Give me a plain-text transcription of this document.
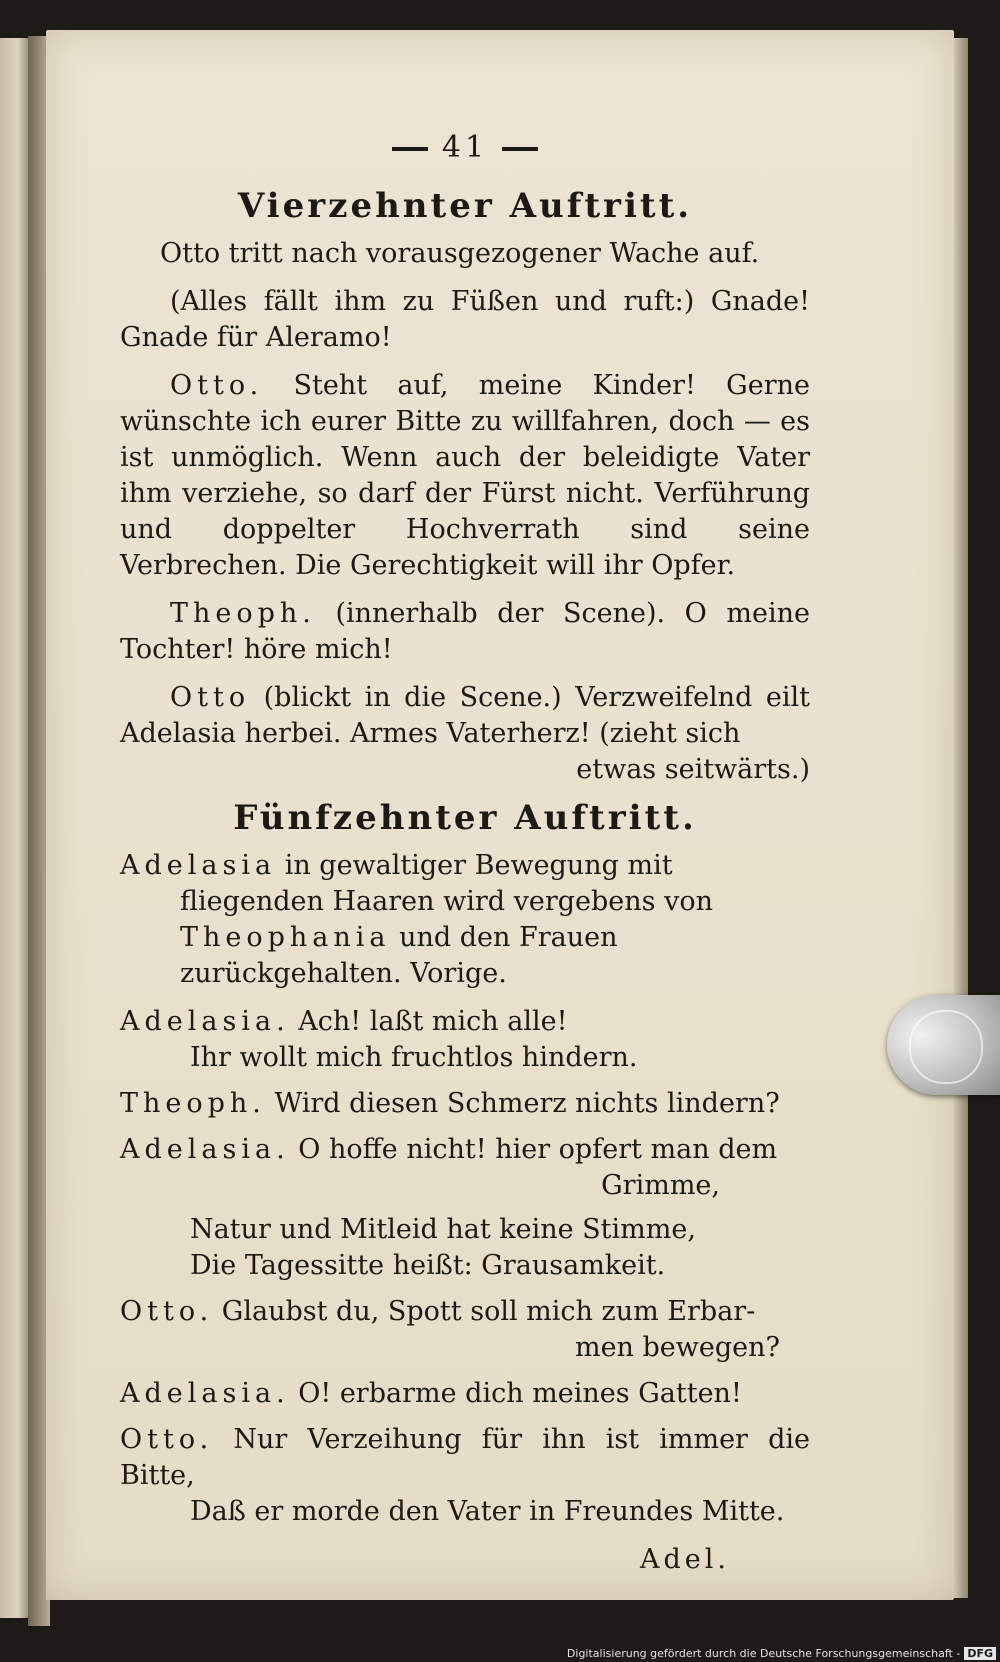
41
Vierzehnter Auftritt.

Otto tritt nach vorausgezogener Wache auf.

(Alles fällt ihm zu Füßen und ruft:) Gnade! Gnade für Aleramo!

Otto. Steht auf, meine Kinder! Gerne wünschte ich eurer Bitte zu willfahren, doch — es ist unmöglich. Wenn auch der beleidigte Vater ihm verziehe, so darf der Fürst nicht. Verführung und doppelter Hochverrath sind seine Verbrechen. Die Gerechtigkeit will ihr Opfer.

Theoph. (innerhalb der Scene). O meine Tochter! höre mich!

Otto (blickt in die Scene.) Verzweifelnd eilt Adelasia herbei. Armes Vaterherz! (zieht sich

etwas seitwärts.)

Fünfzehnter Auftritt.

Adelasia in gewaltiger Bewegung mit fliegenden Haaren wird vergebens von Theophania und den Frauen zurückgehalten. Vorige.

Adelasia. Ach! laßt mich alle!

Ihr wollt mich fruchtlos hindern.

Theoph. Wird diesen Schmerz nichts lindern?

Adelasia. O hoffe nicht! hier opfert man dem

Grimme,

Natur und Mitleid hat keine Stimme,

Die Tagessitte heißt: Grausamkeit.

Otto. Glaubst du, Spott soll mich zum Erbar-

men bewegen?

Adelasia. O! erbarme dich meines Gatten!

Otto. Nur Verzeihung für ihn ist immer die Bitte,

Daß er morde den Vater in Freundes Mitte.

Adel.
Digitalisierung gefördert durch die Deutsche Forschungsgemeinschaft - DFG
